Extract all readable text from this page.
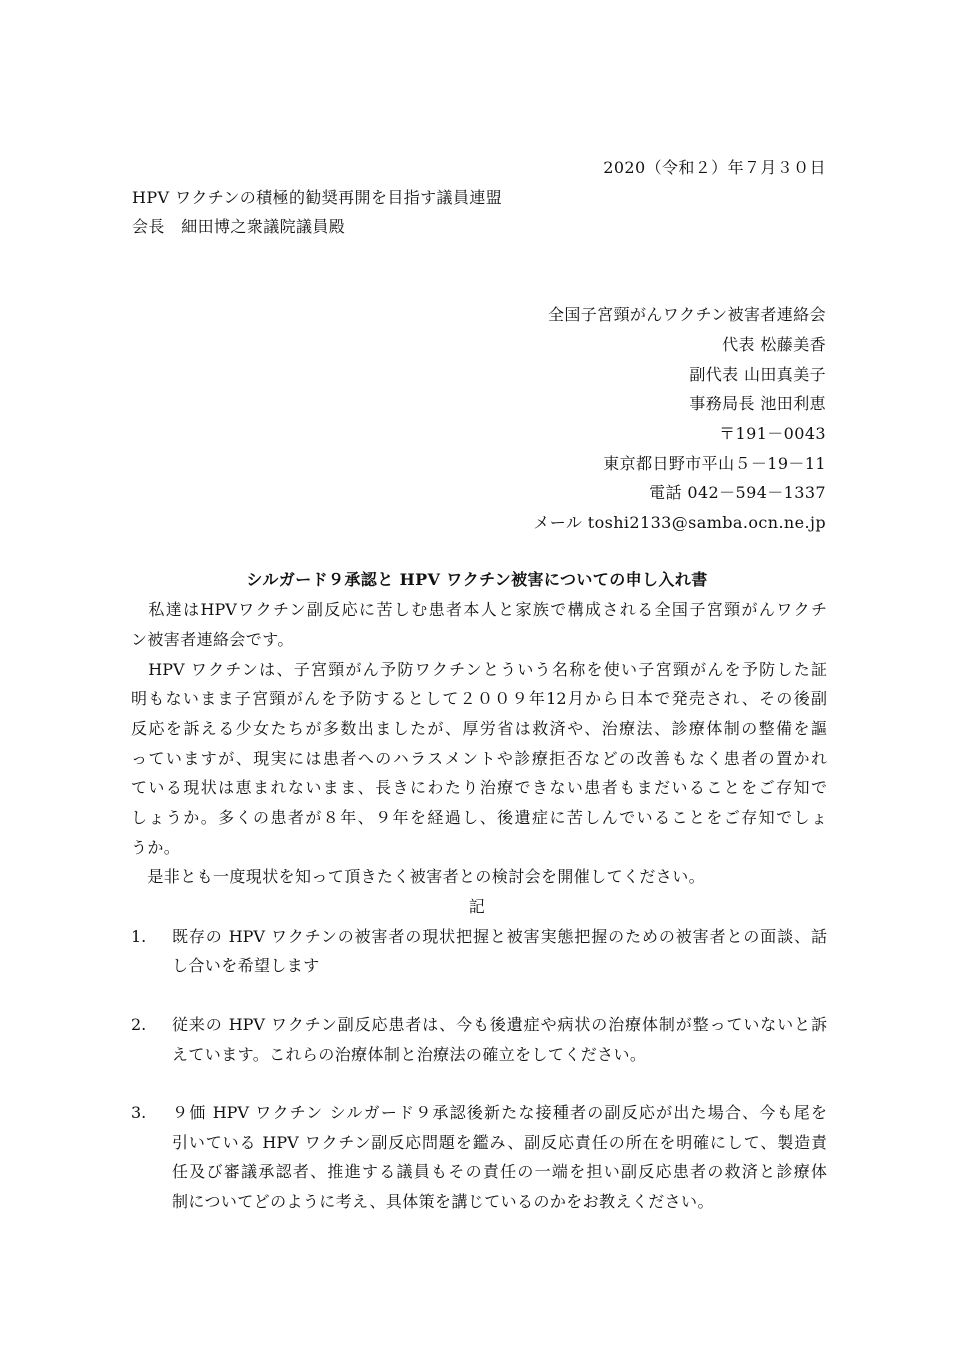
2020（令和２）年７月３０日
HPV ワクチンの積極的勧奨再開を目指す議員連盟
会長　細田博之衆議院議員殿
全国子宮頸がんワクチン被害者連絡会
代表 松藤美香
副代表 山田真美子
事務局長 池田利恵
〒191－0043
東京都日野市平山５－19－11
電話 042－594－1337
メール toshi2133@samba.ocn.ne.jp
シルガード９承認と HPV ワクチン被害についての申し入れ書
　私達はHPVワクチン副反応に苦しむ患者本人と家族で構成される全国子宮頸がんワクチ
ン被害者連絡会です。
　HPV ワクチンは、子宮頸がん予防ワクチンとういう名称を使い子宮頸がんを予防した証
明もないまま子宮頸がんを予防するとして２００９年12月から日本で発売され、その後副
反応を訴える少女たちが多数出ましたが、厚労省は救済や、治療法、診療体制の整備を謳
っていますが、現実には患者へのハラスメントや診療拒否などの改善もなく患者の置かれ
ている現状は恵まれないまま、長きにわたり治療できない患者もまだいることをご存知で
しょうか。多くの患者が８年、９年を経過し、後遺症に苦しんでいることをご存知でしょ
うか。
　是非とも一度現状を知って頂きたく被害者との検討会を開催してください。
記
1. 既存の HPV ワクチンの被害者の現状把握と被害実態把握のための被害者との面談、話
し合いを希望します
2. 従来の HPV ワクチン副反応患者は、今も後遺症や病状の治療体制が整っていないと訴
えています。これらの治療体制と治療法の確立をしてください。
3. ９価 HPV ワクチン シルガード９承認後新たな接種者の副反応が出た場合、今も尾を
引いている HPV ワクチン副反応問題を鑑み、副反応責任の所在を明確にして、製造責
任及び審議承認者、推進する議員もその責任の一端を担い副反応患者の救済と診療体
制についてどのように考え、具体策を講じているのかをお教えください。
